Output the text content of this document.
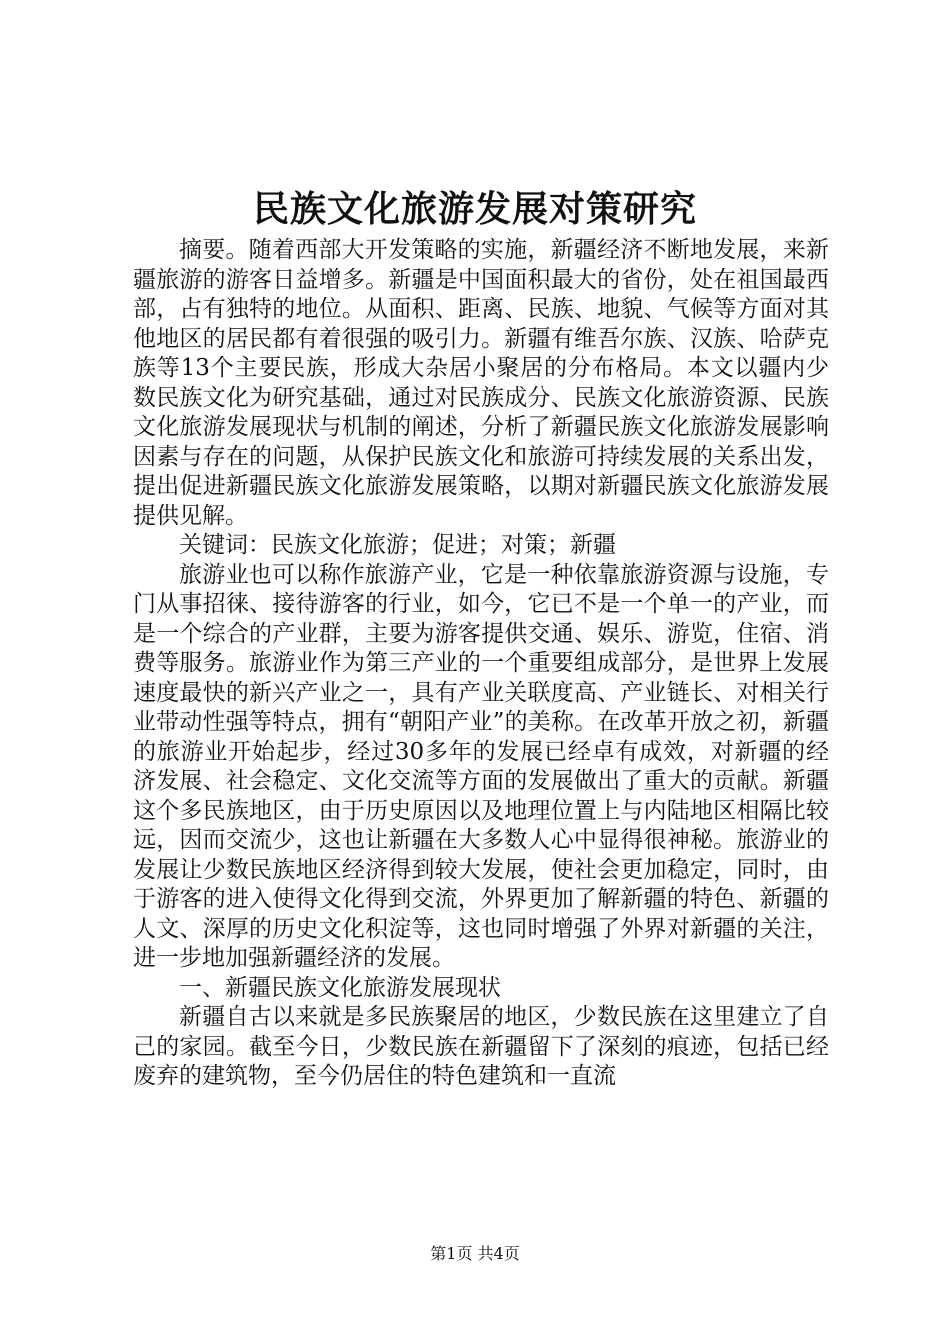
民族文化旅游发展对策研究

摘要。随着西部大开发策略的实施，新疆经济不断地发展，来新疆旅游的游客日益增多。新疆是中国面积最大的省份，处在祖国最西部，占有独特的地位。从面积、距离、民族、地貌、气候等方面对其他地区的居民都有着很强的吸引力。新疆有维吾尔族、汉族、哈萨克族等13个主要民族，形成大杂居小聚居的分布格局。本文以疆内少数民族文化为研究基础，通过对民族成分、民族文化旅游资源、民族文化旅游发展现状与机制的阐述，分析了新疆民族文化旅游发展影响因素与存在的问题，从保护民族文化和旅游可持续发展的关系出发，提出促进新疆民族文化旅游发展策略，以期对新疆民族文化旅游发展提供见解。

关键词：民族文化旅游；促进；对策；新疆

旅游业也可以称作旅游产业，它是一种依靠旅游资源与设施，专门从事招徕、接待游客的行业，如今，它已不是一个单一的产业，而是一个综合的产业群，主要为游客提供交通、娱乐、游览，住宿、消费等服务。旅游业作为第三产业的一个重要组成部分，是世界上发展速度最快的新兴产业之一，具有产业关联度高、产业链长、对相关行业带动性强等特点，拥有“朝阳产业”的美称。在改革开放之初，新疆的旅游业开始起步，经过30多年的发展已经卓有成效，对新疆的经济发展、社会稳定、文化交流等方面的发展做出了重大的贡献。新疆这个多民族地区，由于历史原因以及地理位置上与内陆地区相隔比较远，因而交流少，这也让新疆在大多数人心中显得很神秘。旅游业的发展让少数民族地区经济得到较大发展，使社会更加稳定，同时，由于游客的进入使得文化得到交流，外界更加了解新疆的特色、新疆的人文、深厚的历史文化积淀等，这也同时增强了外界对新疆的关注，进一步地加强新疆经济的发展。

一、新疆民族文化旅游发展现状

新疆自古以来就是多民族聚居的地区，少数民族在这里建立了自己的家园。截至今日，少数民族在新疆留下了深刻的痕迹，包括已经废弃的建筑物，至今仍居住的特色建筑和一直流

第1页 共4页
